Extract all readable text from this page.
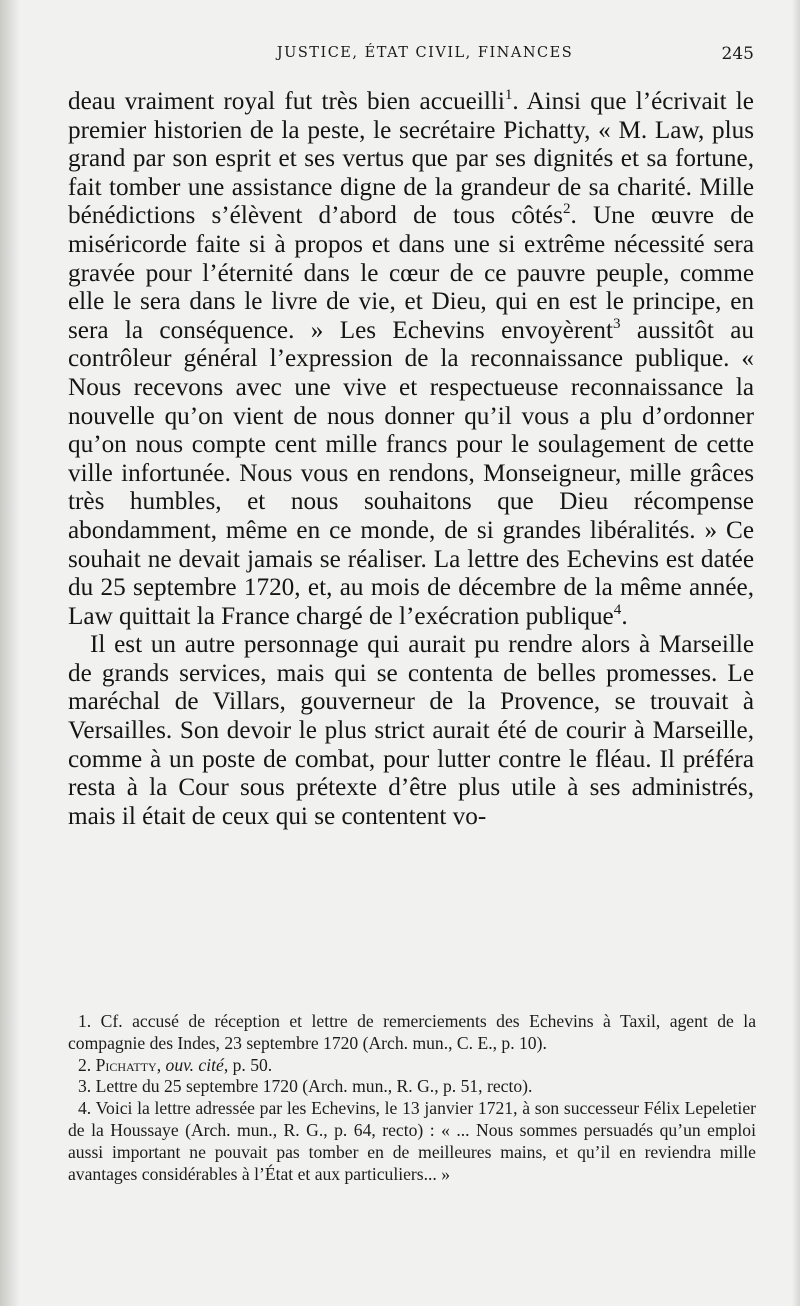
JUSTICE, ÉTAT CIVIL, FINANCES	245

deau vraiment royal fut très bien accueilli$^1$. Ainsi que l’écrivait le premier historien de la peste, le secrétaire Pichatty, « M. Law, plus grand par son esprit et ses vertus que par ses dignités et sa fortune, fait tomber une assistance digne de la grandeur de sa charité. Mille bénédictions s’élèvent d’abord de tous côtés$^2$. Une œuvre de miséricorde faite si à propos et dans une si extrême nécessité sera gravée pour l’éternité dans le cœur de ce pauvre peuple, comme elle le sera dans le livre de vie, et Dieu, qui en est le principe, en sera la conséquence. » Les Echevins envoyèrent$^3$ aussitôt au contrôleur général l’expression de la reconnaissance publique. « Nous recevons avec une vive et respectueuse reconnaissance la nouvelle qu’on vient de nous donner qu’il vous a plu d’ordonner qu’on nous compte cent mille francs pour le soulagement de cette ville infortunée. Nous vous en rendons, Monseigneur, mille grâces très humbles, et nous souhaitons que Dieu récompense abondamment, même en ce monde, de si grandes libéralités. » Ce souhait ne devait jamais se réaliser. La lettre des Echevins est datée du 25 septembre 1720, et, au mois de décembre de la même année, Law quittait la France chargé de l’exécration publique$^4$.

Il est un autre personnage qui aurait pu rendre alors à Marseille de grands services, mais qui se contenta de belles promesses. Le maréchal de Villars, gouverneur de la Provence, se trouvait à Versailles. Son devoir le plus strict aurait été de courir à Marseille, comme à un poste de combat, pour lutter contre le fléau. Il préféra resta à la Cour sous prétexte d’être plus utile à ses administrés, mais il était de ceux qui se contentent vo-

1. Cf. accusé de réception et lettre de remerciements des Echevins à Taxil, agent de la compagnie des Indes, 23 septembre 1720 (Arch. mun., C. E., p. 10).

2. Pichatty, ouv. cité, p. 50.

3. Lettre du 25 septembre 1720 (Arch. mun., R. G., p. 51, recto).

4. Voici la lettre adressée par les Echevins, le 13 janvier 1721, à son successeur Félix Lepeletier de la Houssaye (Arch. mun., R. G., p. 64, recto) : « ... Nous sommes persuadés qu’un emploi aussi important ne pouvait pas tomber en de meilleures mains, et qu’il en reviendra mille avantages considérables à l’État et aux particuliers... »
